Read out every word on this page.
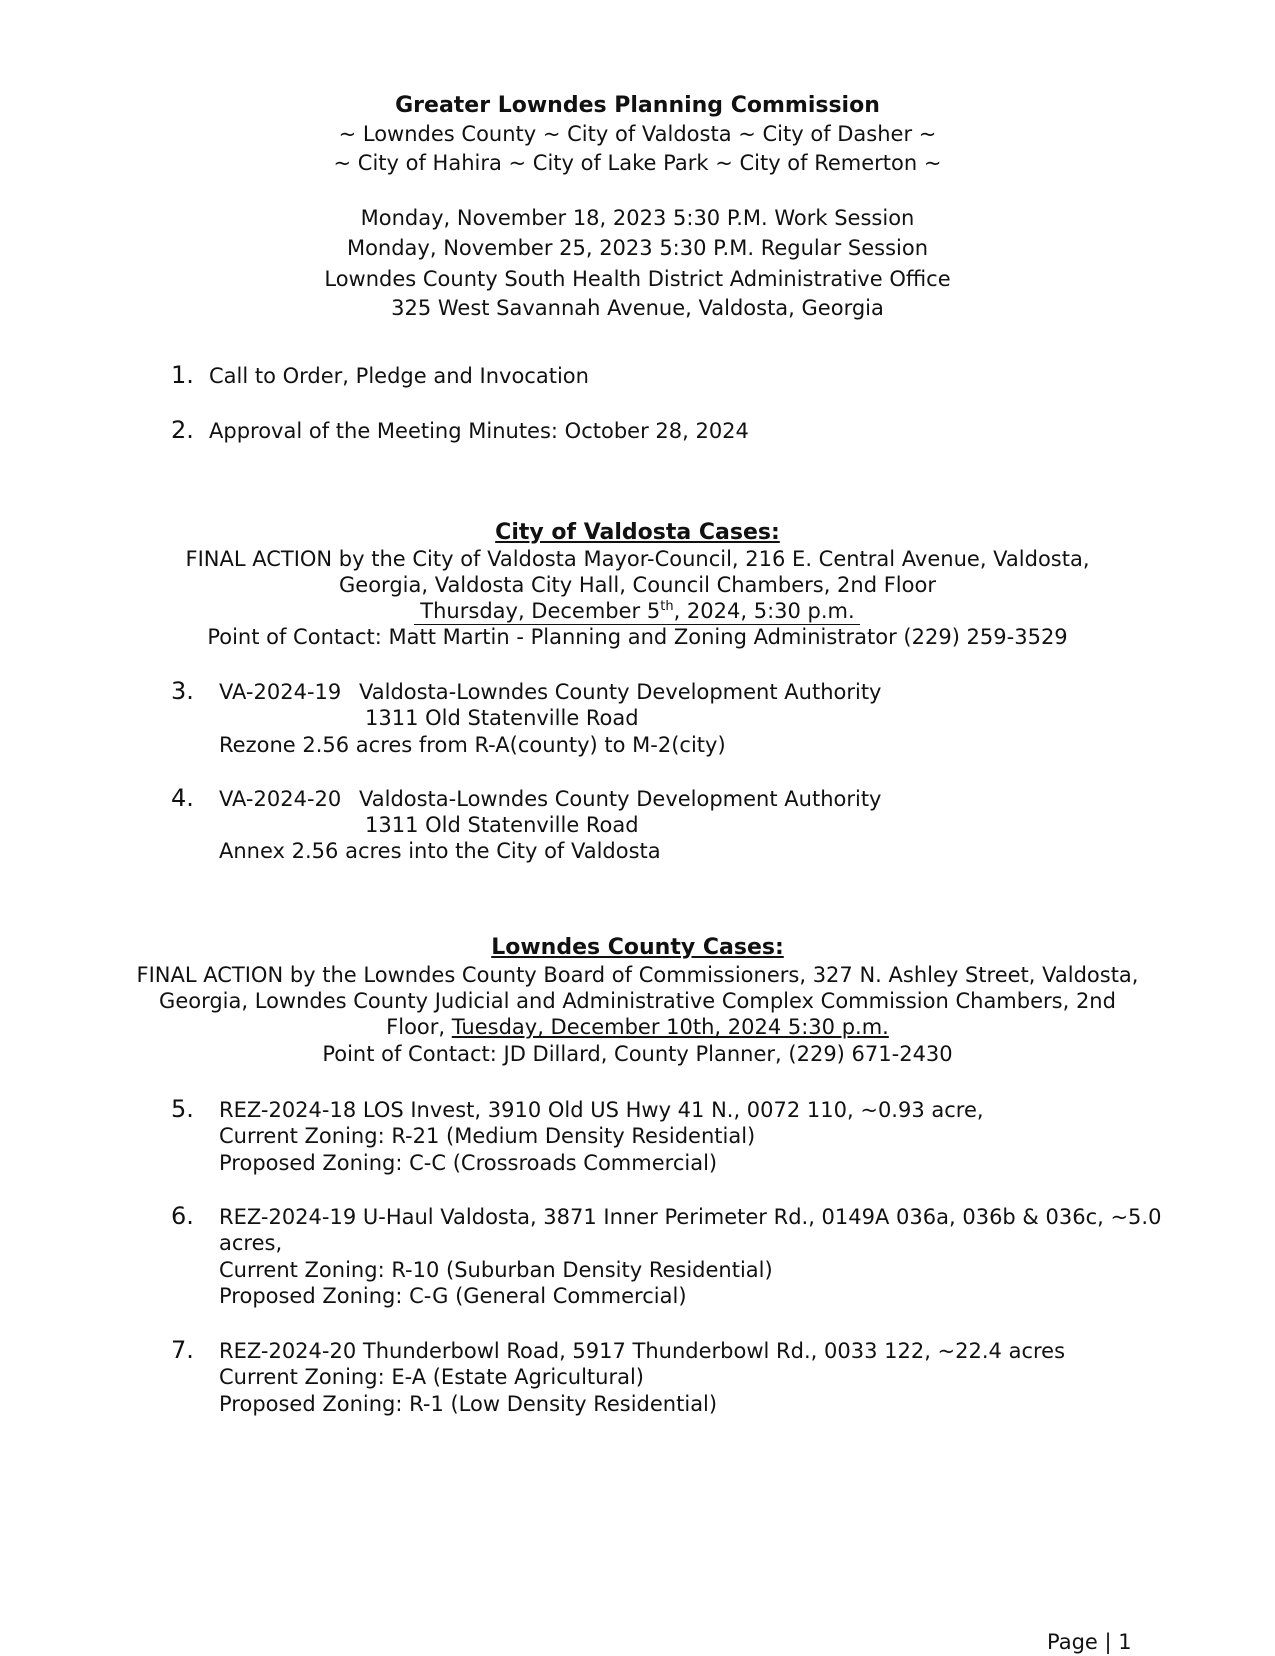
Greater Lowndes Planning Commission
~ Lowndes County ~ City of Valdosta ~ City of Dasher ~
~ City of Hahira ~ City of Lake Park ~ City of Remerton ~
Monday, November 18, 2023 5:30 P.M. Work Session
Monday, November 25, 2023 5:30 P.M. Regular Session
Lowndes County South Health District Administrative Office
325 West Savannah Avenue, Valdosta, Georgia
1. Call to Order, Pledge and Invocation
2. Approval of the Meeting Minutes: October 28, 2024
City of Valdosta Cases:
FINAL ACTION by the City of Valdosta Mayor-Council, 216 E. Central Avenue, Valdosta,
Georgia, Valdosta City Hall, Council Chambers, 2nd Floor
Thursday, December 5th, 2024, 5:30 p.m.
Point of Contact: Matt Martin - Planning and Zoning Administrator (229) 259-3529
3. VA-2024-19 Valdosta-Lowndes County Development Authority
1311 Old Statenville Road
Rezone 2.56 acres from R-A(county) to M-2(city)
4. VA-2024-20 Valdosta-Lowndes County Development Authority
1311 Old Statenville Road
Annex 2.56 acres into the City of Valdosta
Lowndes County Cases:
FINAL ACTION by the Lowndes County Board of Commissioners, 327 N. Ashley Street, Valdosta,
Georgia, Lowndes County Judicial and Administrative Complex Commission Chambers, 2nd
Floor, Tuesday, December 10th, 2024 5:30 p.m.
Point of Contact: JD Dillard, County Planner, (229) 671-2430
5. REZ-2024-18 LOS Invest, 3910 Old US Hwy 41 N., 0072 110, ~0.93 acre,
Current Zoning: R-21 (Medium Density Residential)
Proposed Zoning: C-C (Crossroads Commercial)
6. REZ-2024-19 U-Haul Valdosta, 3871 Inner Perimeter Rd., 0149A 036a, 036b & 036c, ~5.0
acres,
Current Zoning: R-10 (Suburban Density Residential)
Proposed Zoning: C-G (General Commercial)
7. REZ-2024-20 Thunderbowl Road, 5917 Thunderbowl Rd., 0033 122, ~22.4 acres
Current Zoning: E-A (Estate Agricultural)
Proposed Zoning: R-1 (Low Density Residential)
Page | 1
